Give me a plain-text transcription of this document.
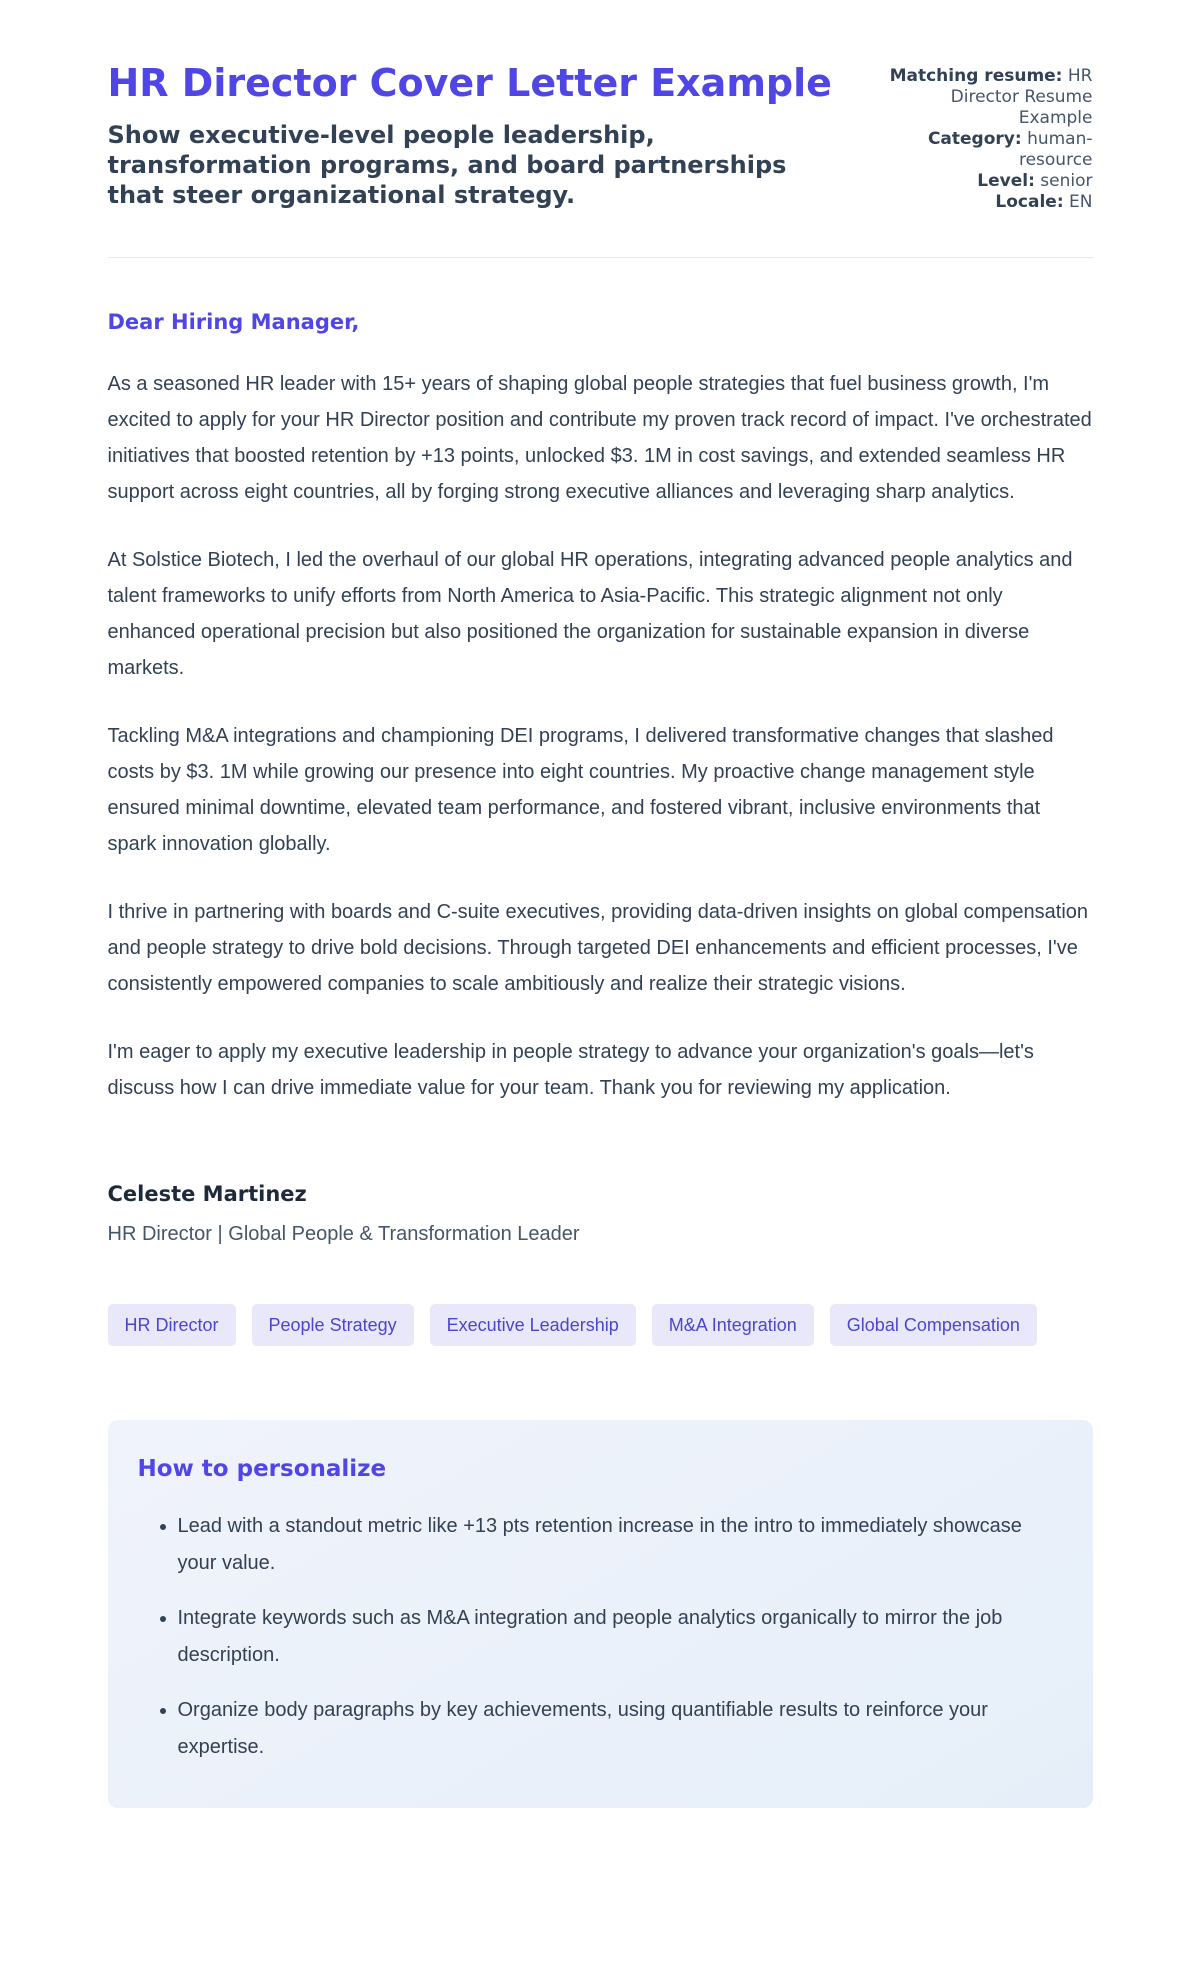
HR Director Cover Letter Example
Show executive-level people leadership, transformation programs, and board partnerships that steer organizational strategy.
Matching resume: HR Director Resume Example
Category: human-resource
Level: senior
Locale: EN

Dear Hiring Manager,

As a seasoned HR leader with 15+ years of shaping global people strategies that fuel business growth, I'm excited to apply for your HR Director position and contribute my proven track record of impact. I've orchestrated initiatives that boosted retention by +13 points, unlocked $3. 1M in cost savings, and extended seamless HR support across eight countries, all by forging strong executive alliances and leveraging sharp analytics.

At Solstice Biotech, I led the overhaul of our global HR operations, integrating advanced people analytics and talent frameworks to unify efforts from North America to Asia-Pacific. This strategic alignment not only enhanced operational precision but also positioned the organization for sustainable expansion in diverse markets.

Tackling M&A integrations and championing DEI programs, I delivered transformative changes that slashed costs by $3. 1M while growing our presence into eight countries. My proactive change management style ensured minimal downtime, elevated team performance, and fostered vibrant, inclusive environments that spark innovation globally.

I thrive in partnering with boards and C-suite executives, providing data-driven insights on global compensation and people strategy to drive bold decisions. Through targeted DEI enhancements and efficient processes, I've consistently empowered companies to scale ambitiously and realize their strategic visions.

I'm eager to apply my executive leadership in people strategy to advance your organization's goals—let's discuss how I can drive immediate value for your team. Thank you for reviewing my application.

Celeste Martinez

HR Director | Global People & Transformation Leader

HR Director	People Strategy	Executive Leadership	M&A Integration	Global Compensation
How to personalize
• Lead with a standout metric like +13 pts retention increase in the intro to immediately showcase your value.
• Integrate keywords such as M&A integration and people analytics organically to mirror the job description.
• Organize body paragraphs by key achievements, using quantifiable results to reinforce your expertise.
